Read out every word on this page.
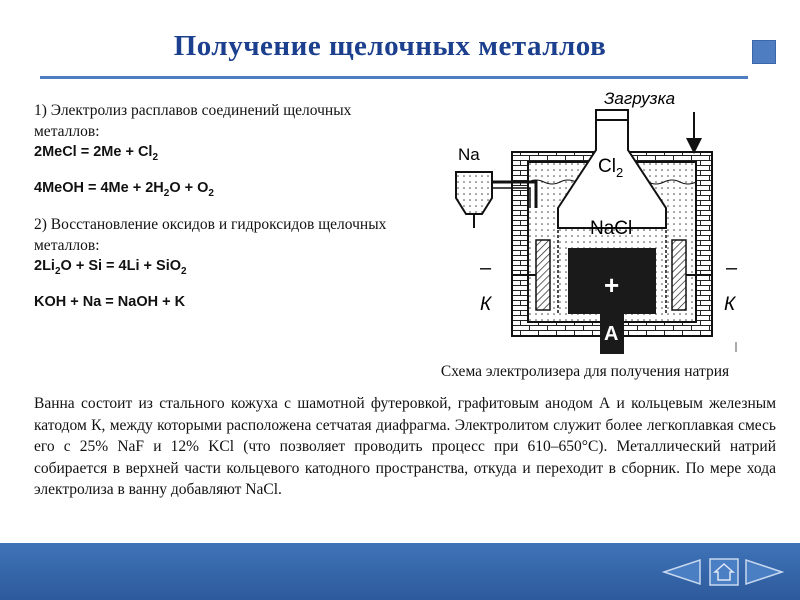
Получение щелочных металлов

1) Электролиз расплавов соединений щелочных металлов:

2MeCl = $2Me + Cl_2$

4MeOH = $4Me + 2H_2O + O_2$

2) Восстановление оксидов и гидроксидов щелочных металлов:

$2Li_2O + Si = 4Li + SiO_2$

KOH + Na = NaOH + K

Загрузка
Na
$Cl_2$
NaCl
+
A
–	–
К	К
Схема электролизера для получения натрия
Ванна состоит из стального кожуха с шамотной футеровкой, графитовым анодом А и кольцевым железным катодом К, между которыми расположена сетчатая диафрагма. Электролитом служит более легкоплавкая смесь его с 25% NaF и 12% KCl (что позволяет проводить процесс при 610–650°C). Металлический натрий собирается в верхней части кольцевого катодного пространства, откуда и переходит в сборник. По мере хода электролиза в ванну добавляют NaCl.
